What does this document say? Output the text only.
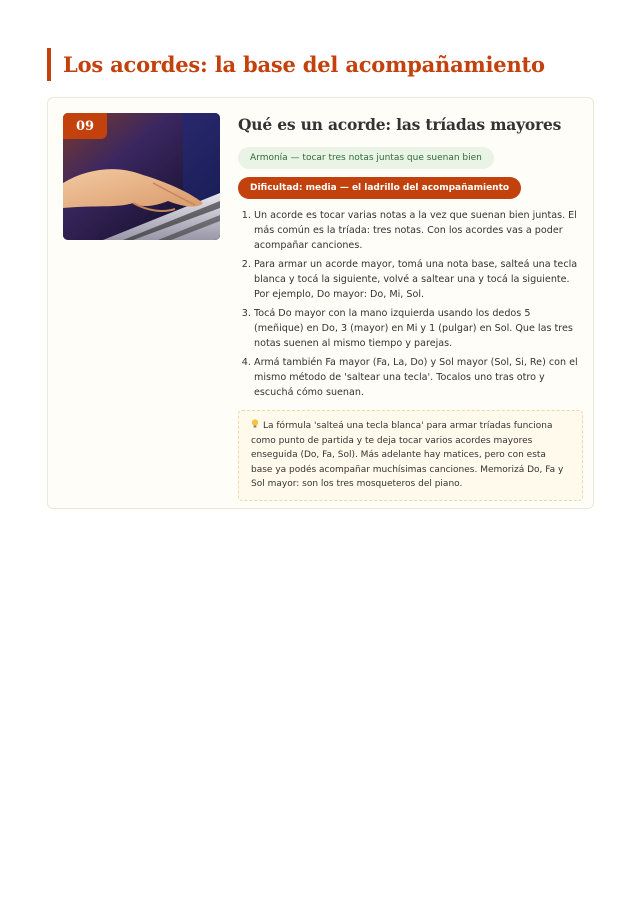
Los acordes: la base del acompañamiento
09	Qué es un acorde: las tríadas mayores
Armonía — tocar tres notas juntas que suenan bien
Dificultad: media — el ladrillo del acompañamiento
1. Un acorde es tocar varias notas a la vez que suenan bien juntas. El más común es la tríada: tres notas. Con los acordes vas a poder acompañar canciones.
2. Para armar un acorde mayor, tomá una nota base, salteá una tecla blanca y tocá la siguiente, volvé a saltear una y tocá la siguiente. Por ejemplo, Do mayor: Do, Mi, Sol.
3. Tocá Do mayor con la mano izquierda usando los dedos 5 (meñique) en Do, 3 (mayor) en Mi y 1 (pulgar) en Sol. Que las tres notas suenen al mismo tiempo y parejas.
4. Armá también Fa mayor (Fa, La, Do) y Sol mayor (Sol, Si, Re) con el mismo método de 'saltear una tecla'. Tocalos uno tras otro y escuchá cómo suenan.
La fórmula 'salteá una tecla blanca' para armar tríadas funciona como punto de partida y te deja tocar varios acordes mayores enseguida (Do, Fa, Sol). Más adelante hay matices, pero con esta base ya podés acompañar muchísimas canciones. Memorizá Do, Fa y Sol mayor: son los tres mosqueteros del piano.
